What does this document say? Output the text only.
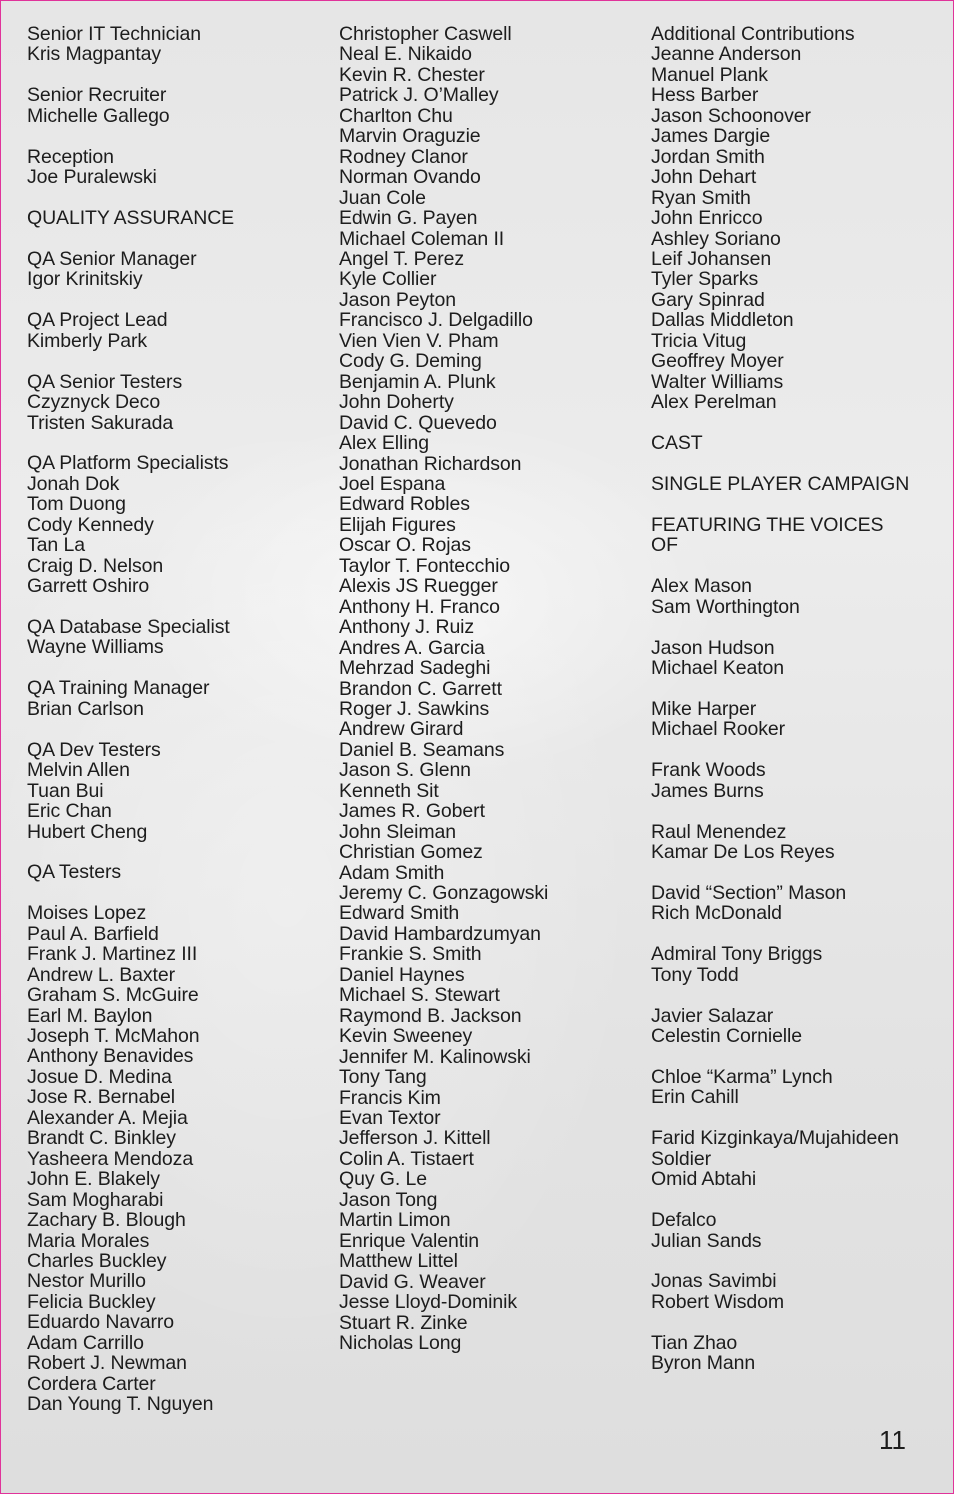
Senior IT Technician
Kris Magpantay
Senior Recruiter
Michelle Gallego
Reception
Joe Puralewski
QUALITY ASSURANCE
QA Senior Manager
Igor Krinitskiy
QA Project Lead
Kimberly Park
QA Senior Testers
Czyznyck Deco
Tristen Sakurada
QA Platform Specialists
Jonah Dok
Tom Duong
Cody Kennedy
Tan La
Craig D. Nelson
Garrett Oshiro
QA Database Specialist
Wayne Williams
QA Training Manager
Brian Carlson
QA Dev Testers
Melvin Allen
Tuan Bui
Eric Chan
Hubert Cheng
QA Testers
Moises Lopez
Paul A. Barfield
Frank J. Martinez III
Andrew L. Baxter
Graham S. McGuire
Earl M. Baylon
Joseph T. McMahon
Anthony Benavides
Josue D. Medina
Jose R. Bernabel
Alexander A. Mejia
Brandt C. Binkley
Yasheera Mendoza
John E. Blakely
Sam Mogharabi
Zachary B. Blough
Maria Morales
Charles Buckley
Nestor Murillo
Felicia Buckley
Eduardo Navarro
Adam Carrillo
Robert J. Newman
Cordera Carter
Dan Young T. Nguyen
Christopher Caswell
Neal E. Nikaido
Kevin R. Chester
Patrick J. O’Malley
Charlton Chu
Marvin Oraguzie
Rodney Clanor
Norman Ovando
Juan Cole
Edwin G. Payen
Michael Coleman II
Angel T. Perez
Kyle Collier
Jason Peyton
Francisco J. Delgadillo
Vien Vien V. Pham
Cody G. Deming
Benjamin A. Plunk
John Doherty
David C. Quevedo
Alex Elling
Jonathan Richardson
Joel Espana
Edward Robles
Elijah Figures
Oscar O. Rojas
Taylor T. Fontecchio
Alexis JS Ruegger
Anthony H. Franco
Anthony J. Ruiz
Andres A. Garcia
Mehrzad Sadeghi
Brandon C. Garrett
Roger J. Sawkins
Andrew Girard
Daniel B. Seamans
Jason S. Glenn
Kenneth Sit
James R. Gobert
John Sleiman
Christian Gomez
Adam Smith
Jeremy C. Gonzagowski
Edward Smith
David Hambardzumyan
Frankie S. Smith
Daniel Haynes
Michael S. Stewart
Raymond B. Jackson
Kevin Sweeney
Jennifer M. Kalinowski
Tony Tang
Francis Kim
Evan Textor
Jefferson J. Kittell
Colin A. Tistaert
Quy G. Le
Jason Tong
Martin Limon
Enrique Valentin
Matthew Littel
David G. Weaver
Jesse Lloyd-Dominik
Stuart R. Zinke
Nicholas Long
Additional Contributions
Jeanne Anderson
Manuel Plank
Hess Barber
Jason Schoonover
James Dargie
Jordan Smith
John Dehart
Ryan Smith
John Enricco
Ashley Soriano
Leif Johansen
Tyler Sparks
Gary Spinrad
Dallas Middleton
Tricia Vitug
Geoffrey Moyer
Walter Williams
Alex Perelman
CAST
SINGLE PLAYER CAMPAIGN
FEATURING THE VOICES
OF
Alex Mason
Sam Worthington
Jason Hudson
Michael Keaton
Mike Harper
Michael Rooker
Frank Woods
James Burns
Raul Menendez
Kamar De Los Reyes
David “Section” Mason
Rich McDonald
Admiral Tony Briggs
Tony Todd
Javier Salazar
Celestin Cornielle
Chloe “Karma” Lynch
Erin Cahill
Farid Kizginkaya/Mujahideen
Soldier
Omid Abtahi
Defalco
Julian Sands
Jonas Savimbi
Robert Wisdom
Tian Zhao
Byron Mann
11
